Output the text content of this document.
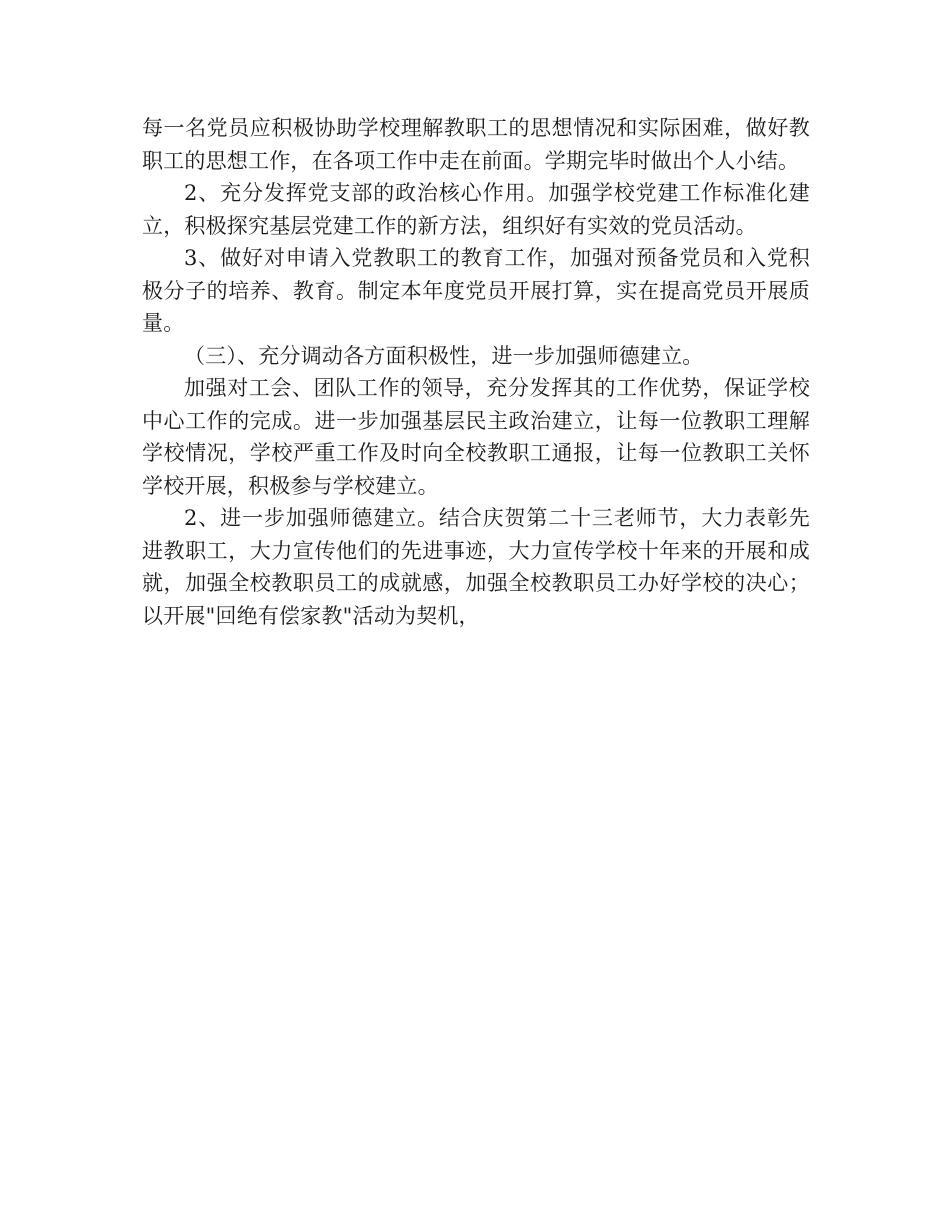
每一名党员应积极协助学校理解教职工的思想情况和实际困难，做好教职工的思想工作，在各项工作中走在前面。学期完毕时做出个人小结。

2、充分发挥党支部的政治核心作用。加强学校党建工作标准化建立，积极探究基层党建工作的新方法，组织好有实效的党员活动。

3、做好对申请入党教职工的教育工作，加强对预备党员和入党积极分子的培养、教育。制定本年度党员开展打算，实在提高党员开展质量。

（三）、充分调动各方面积极性，进一步加强师德建立。

加强对工会、团队工作的领导，充分发挥其的工作优势，保证学校中心工作的完成。进一步加强基层民主政治建立，让每一位教职工理解学校情况，学校严重工作及时向全校教职工通报，让每一位教职工关怀学校开展，积极参与学校建立。

2、进一步加强师德建立。结合庆贺第二十三老师节，大力表彰先进教职工，大力宣传他们的先进事迹，大力宣传学校十年来的开展和成就，加强全校教职员工的成就感，加强全校教职员工办好学校的决心；以开展"回绝有偿家教"活动为契机，
